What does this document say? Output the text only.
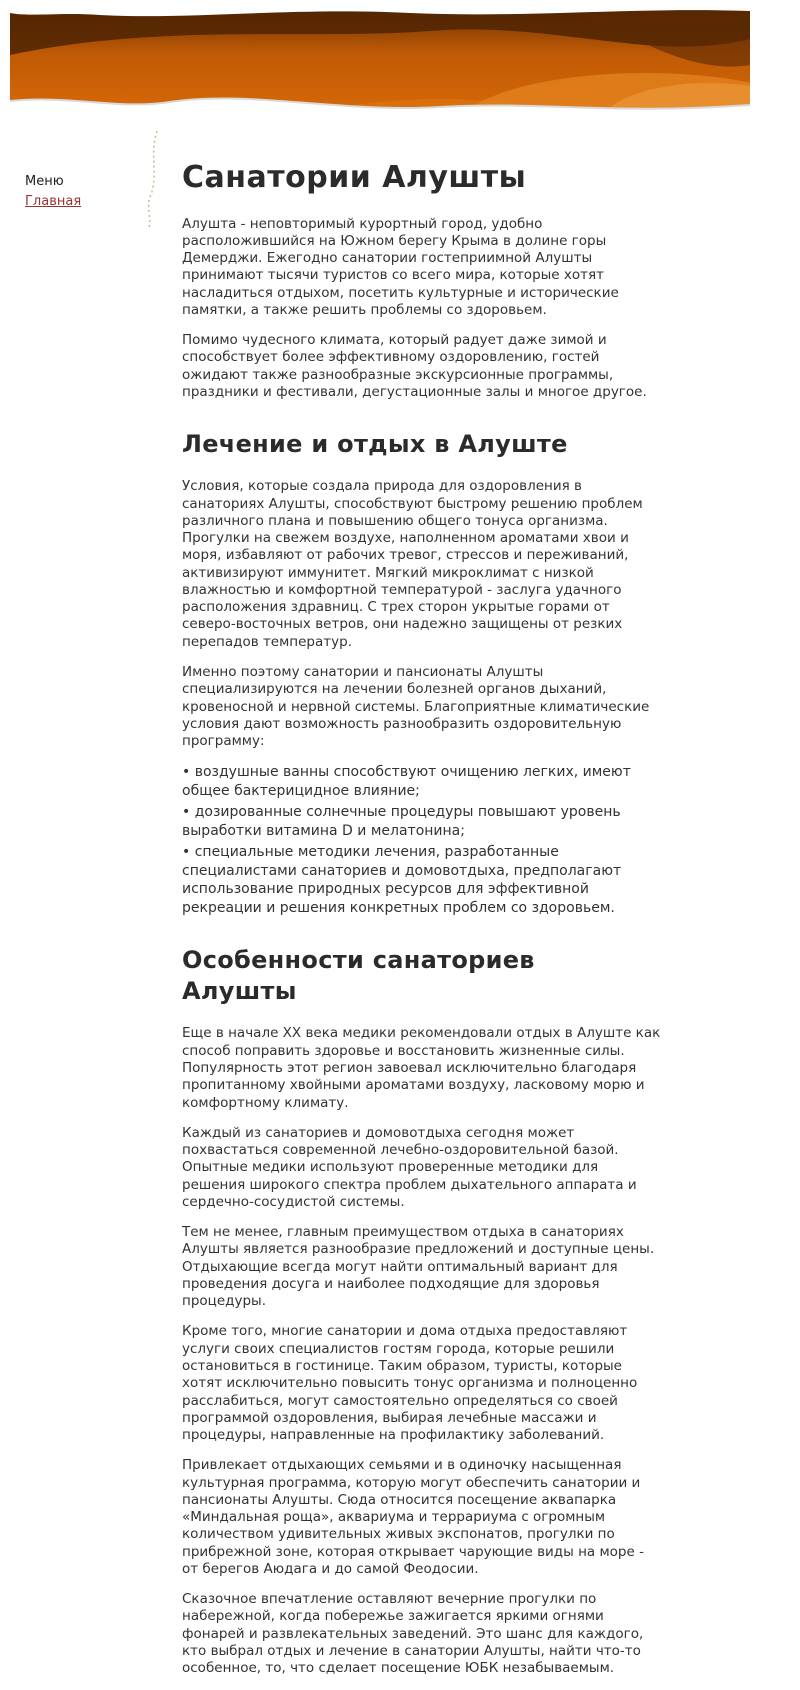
Меню
Главная
Санатории Алушты

Алушта - неповторимый курортный город, удобно расположившийся на Южном берегу Крыма в долине горы Демерджи. Ежегодно санатории гостеприимной Алушты принимают тысячи туристов со всего мира, которые хотят насладиться отдыхом, посетить культурные и исторические памятки, а также решить проблемы со здоровьем.

Помимо чудесного климата, который радует даже зимой и способствует более эффективному оздоровлению, гостей ожидают также разнообразные экскурсионные программы, праздники и фестивали, дегустационные залы и многое другое.

Лечение и отдых в Алуште

Условия, которые создала природа для оздоровления в санаториях Алушты, способствуют быстрому решению проблем различного плана и повышению общего тонуса организма. Прогулки на свежем воздухе, наполненном ароматами хвои и моря, избавляют от рабочих тревог, стрессов и переживаний, активизируют иммунитет. Мягкий микроклимат с низкой влажностью и комфортной температурой - заслуга удачного расположения здравниц. С трех сторон укрытые горами от северо-восточных ветров, они надежно защищены от резких перепадов температур.

Именно поэтому санатории и пансионаты Алушты специализируются на лечении болезней органов дыханий, кровеносной и нервной системы. Благоприятные климатические условия дают возможность разнообразить оздоровительную программу:

• воздушные ванны способствуют очищению легких, имеют общее бактерицидное влияние;
• дозированные солнечные процедуры повышают уровень выработки витамина D и мелатонина;
• специальные методики лечения, разработанные специалистами санаториев и домовотдыха, предполагают использование природных ресурсов для эффективной рекреации и решения конкретных проблем со здоровьем.
Особенности санаториев Алушты

Еще в начале XX века медики рекомендовали отдых в Алуште как способ поправить здоровье и восстановить жизненные силы. Популярность этот регион завоевал исключительно благодаря пропитанному хвойными ароматами воздуху, ласковому морю и комфортному климату.

Каждый из санаториев и домовотдыха сегодня может похвастаться современной лечебно-оздоровительной базой. Опытные медики используют проверенные методики для решения широкого спектра проблем дыхательного аппарата и сердечно-сосудистой системы.

Тем не менее, главным преимуществом отдыха в санаториях Алушты является разнообразие предложений и доступные цены. Отдыхающие всегда могут найти оптимальный вариант для проведения досуга и наиболее подходящие для здоровья процедуры.

Кроме того, многие санатории и дома отдыха предоставляют услуги своих специалистов гостям города, которые решили остановиться в гостинице. Таким образом, туристы, которые хотят исключительно повысить тонус организма и полноценно расслабиться, могут самостоятельно определяться со своей программой оздоровления, выбирая лечебные массажи и процедуры, направленные на профилактику заболеваний.

Привлекает отдыхающих семьями и в одиночку насыщенная культурная программа, которую могут обеспечить санатории и пансионаты Алушты. Сюда относится посещение аквапарка «Миндальная роща», аквариума и террариума с огромным количеством удивительных живых экспонатов, прогулки по прибрежной зоне, которая открывает чарующие виды на море - от берегов Аюдага и до самой Феодосии.

Сказочное впечатление оставляют вечерние прогулки по набережной, когда побережье зажигается яркими огнями фонарей и развлекательных заведений. Это шанс для каждого, кто выбрал отдых и лечение в санатории Алушты, найти что-то особенное, то, что сделает посещение ЮБК незабываемым.
